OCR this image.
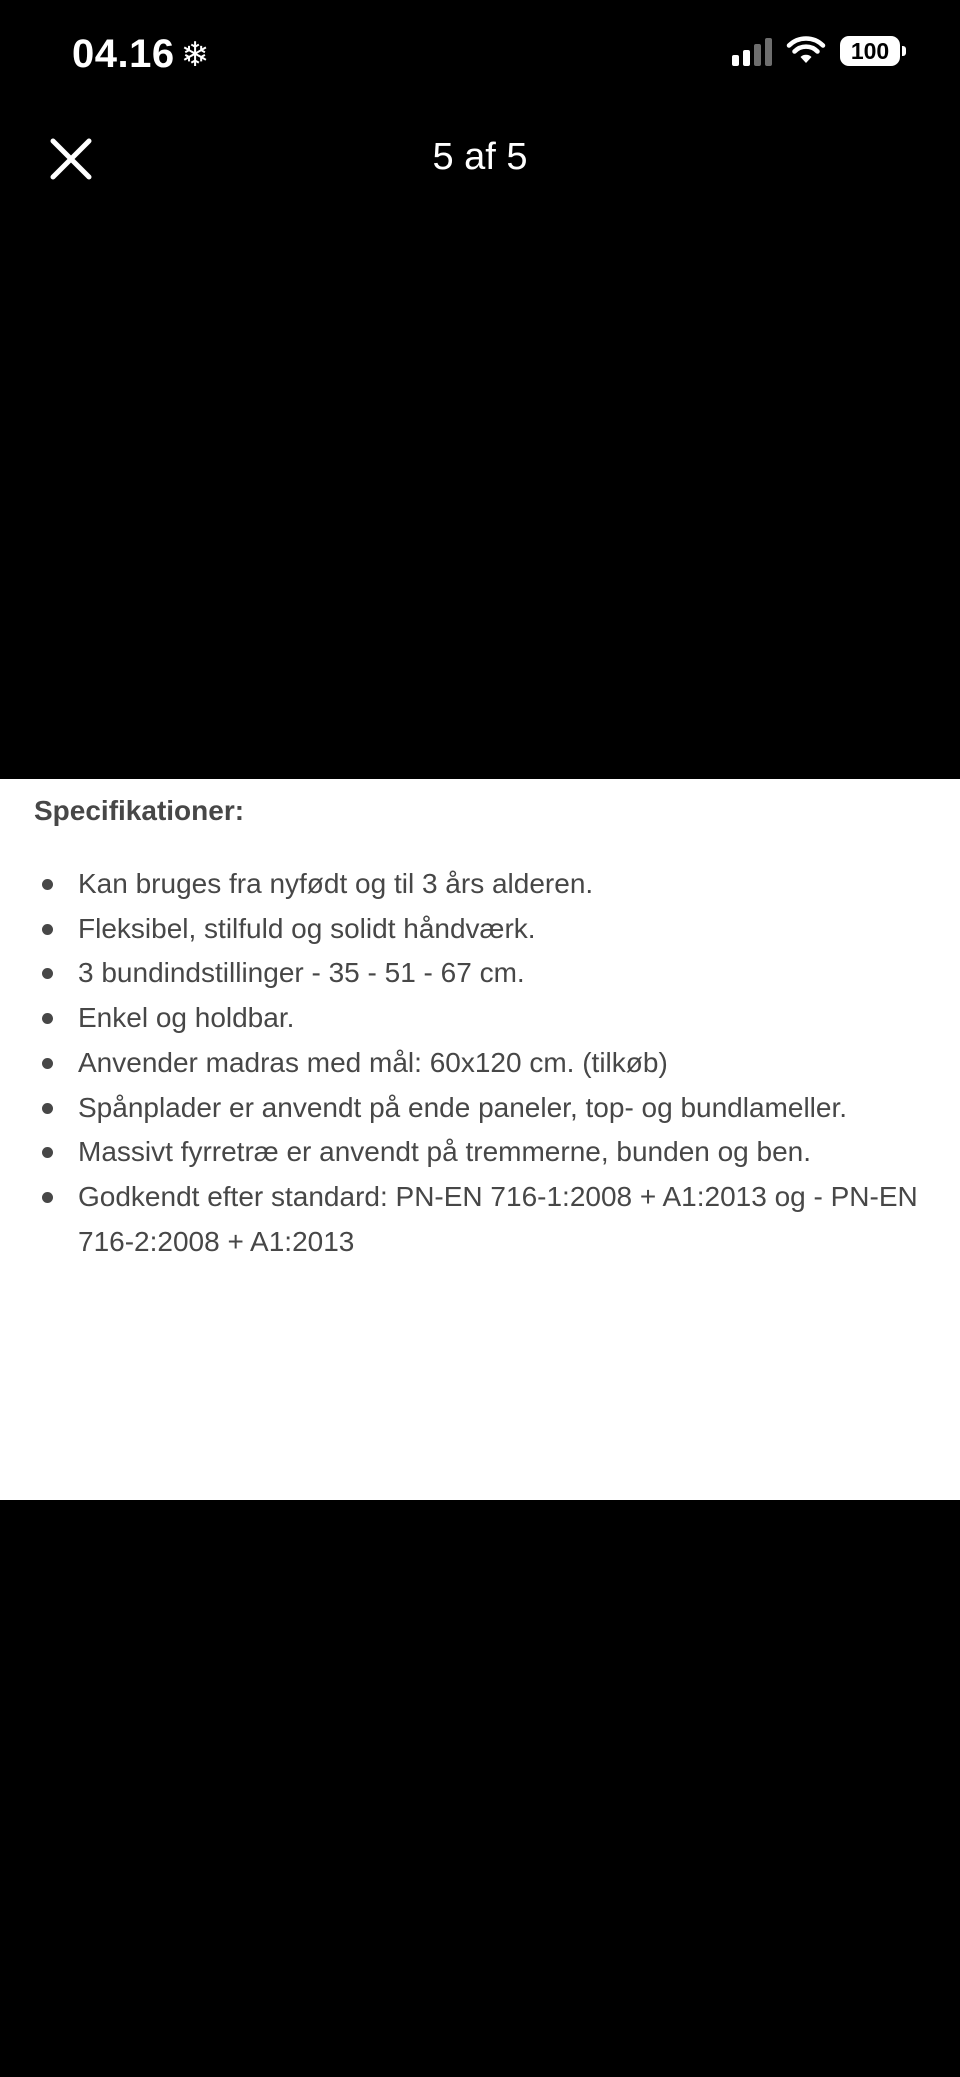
04.16 ❄	100
5 af 5
Specifikationer:
Kan bruges fra nyfødt og til 3 års alderen.
Fleksibel, stilfuld og solidt håndværk.
3 bundindstillinger - 35 - 51 - 67 cm.
Enkel og holdbar.
Anvender madras med mål: 60x120 cm. (tilkøb)
Spånplader er anvendt på ende paneler, top- og bundlameller.
Massivt fyrretræ er anvendt på tremmerne, bunden og ben.
Godkendt efter standard: PN-EN 716-1:2008 + A1:2013 og - PN-EN 716-2:2008 + A1:2013
